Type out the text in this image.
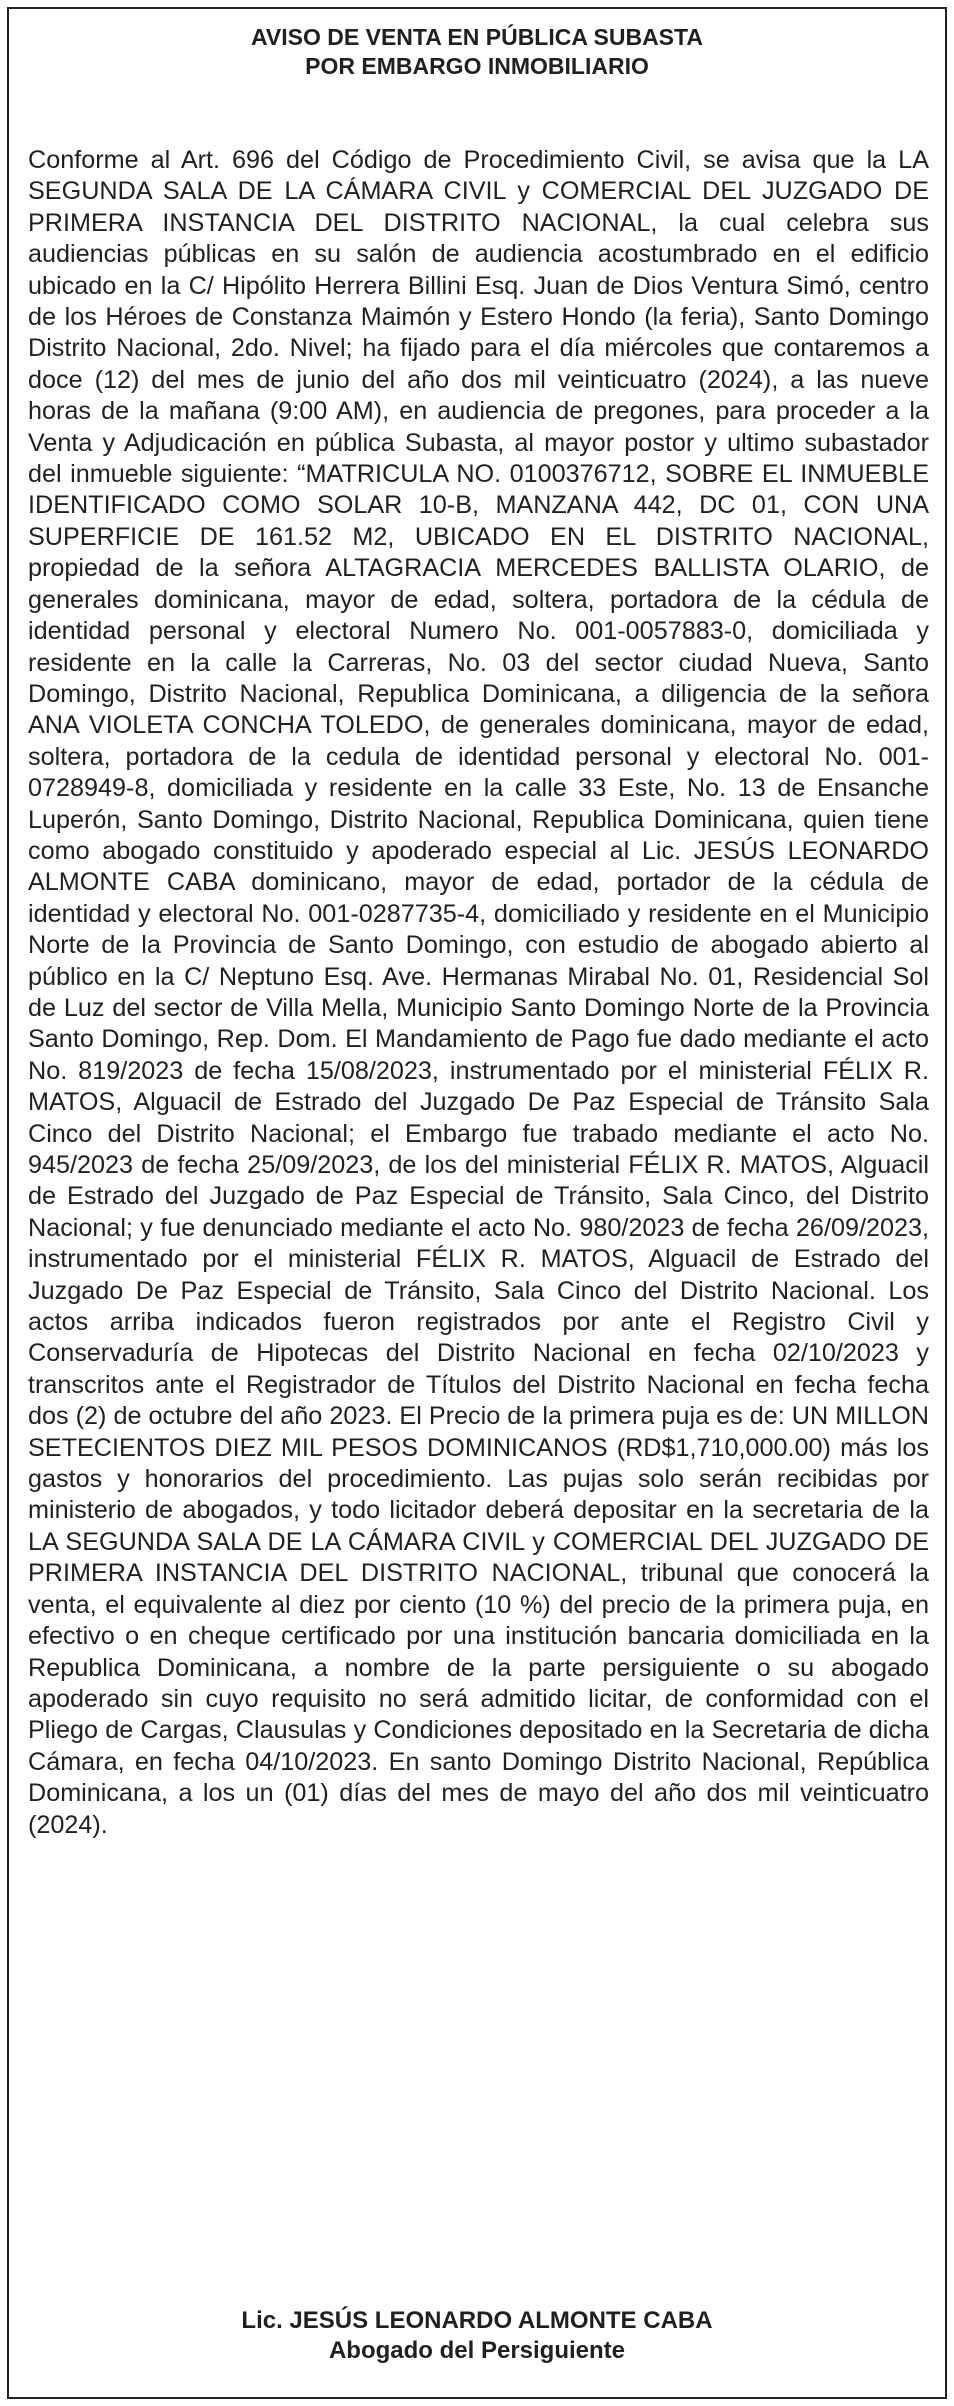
AVISO DE VENTA EN PÚBLICA SUBASTA
POR EMBARGO INMOBILIARIO

Conforme al Art. 696 del Código de Procedimiento Civil, se avisa que la LA SEGUNDA SALA DE LA CÁMARA CIVIL y COMERCIAL DEL JUZGADO DE PRIMERA INSTANCIA DEL DISTRITO NACIONAL, la cual celebra sus audiencias públicas en su salón de audiencia acostumbrado en el edificio ubicado en la C/ Hipólito Herrera Billini Esq. Juan de Dios Ventura Simó, centro de los Héroes de Constanza Maimón y Estero Hondo (la feria), Santo Domingo Distrito Nacional, 2do. Nivel; ha fijado para el día miércoles que contaremos a doce (12) del mes de junio del año dos mil veinticuatro (2024), a las nueve horas de la mañana (9:00 AM), en audiencia de pregones, para proceder a la Venta y Adjudicación en pública Subasta, al mayor postor y ultimo subastador del inmueble siguiente: “MATRICULA NO. 0100376712, SOBRE EL INMUEBLE IDENTIFICADO COMO SOLAR 10-B, MANZANA 442, DC 01, CON UNA SUPERFICIE DE 161.52 M2, UBICADO EN EL DISTRITO NACIONAL, propiedad de la señora ALTAGRACIA MERCEDES BALLISTA OLARIO, de generales dominicana, mayor de edad, soltera, portadora de la cédula de identidad personal y electoral Numero No. 001-0057883-0, domiciliada y residente en la calle la Carreras, No. 03 del sector ciudad Nueva, Santo Domingo, Distrito Nacional, Republica Dominicana, a diligencia de la señora ANA VIOLETA CONCHA TOLEDO, de generales dominicana, mayor de edad, soltera, portadora de la cedula de identidad personal y electoral No. 001-0728949-8, domiciliada y residente en la calle 33 Este, No. 13 de Ensanche Luperón, Santo Domingo, Distrito Nacional, Republica Dominicana, quien tiene como abogado constituido y apoderado especial al Lic. JESÚS LEONARDO ALMONTE CABA dominicano, mayor de edad, portador de la cédula de identidad y electoral No. 001-0287735-4, domiciliado y residente en el Municipio Norte de la Provincia de Santo Domingo, con estudio de abogado abierto al público en la C/ Neptuno Esq. Ave. Hermanas Mirabal No. 01, Residencial Sol de Luz del sector de Villa Mella, Municipio Santo Domingo Norte de la Provincia Santo Domingo, Rep. Dom. El Mandamiento de Pago fue dado mediante el acto No. 819/2023 de fecha 15/08/2023, instrumentado por el ministerial FÉLIX R. MATOS, Alguacil de Estrado del Juzgado De Paz Especial de Tránsito Sala Cinco del Distrito Nacional; el Embargo fue trabado mediante el acto No. 945/2023 de fecha 25/09/2023, de los del ministerial FÉLIX R. MATOS, Alguacil de Estrado del Juzgado de Paz Especial de Tránsito, Sala Cinco, del Distrito Nacional; y fue denunciado mediante el acto No. 980/2023 de fecha 26/09/2023, instrumentado por el ministerial FÉLIX R. MATOS, Alguacil de Estrado del Juzgado De Paz Especial de Tránsito, Sala Cinco del Distrito Nacional. Los actos arriba indicados fueron registrados por ante el Registro Civil y Conservaduría de Hipotecas del Distrito Nacional en fecha 02/10/2023 y transcritos ante el Registrador de Títulos del Distrito Nacional en fecha fecha dos (2) de octubre del año 2023. El Precio de la primera puja es de: UN MILLON SETECIENTOS DIEZ MIL PESOS DOMINICANOS (RD$1,710,000.00) más los gastos y honorarios del procedimiento. Las pujas solo serán recibidas por ministerio de abogados, y todo licitador deberá depositar en la secretaria de la LA SEGUNDA SALA DE LA CÁMARA CIVIL y COMERCIAL DEL JUZGADO DE PRIMERA INSTANCIA DEL DISTRITO NACIONAL, tribunal que conocerá la venta, el equivalente al diez por ciento (10 %) del precio de la primera puja, en efectivo o en cheque certificado por una institución bancaria domiciliada en la Republica Dominicana, a nombre de la parte persiguiente o su abogado apoderado sin cuyo requisito no será admitido licitar, de conformidad con el Pliego de Cargas, Clausulas y Condiciones depositado en la Secretaria de dicha Cámara, en fecha 04/10/2023. En santo Domingo Distrito Nacional, República Dominicana, a los un (01) días del mes de mayo del año dos mil veinticuatro (2024).

Lic. JESÚS LEONARDO ALMONTE CABA
Abogado del Persiguiente
